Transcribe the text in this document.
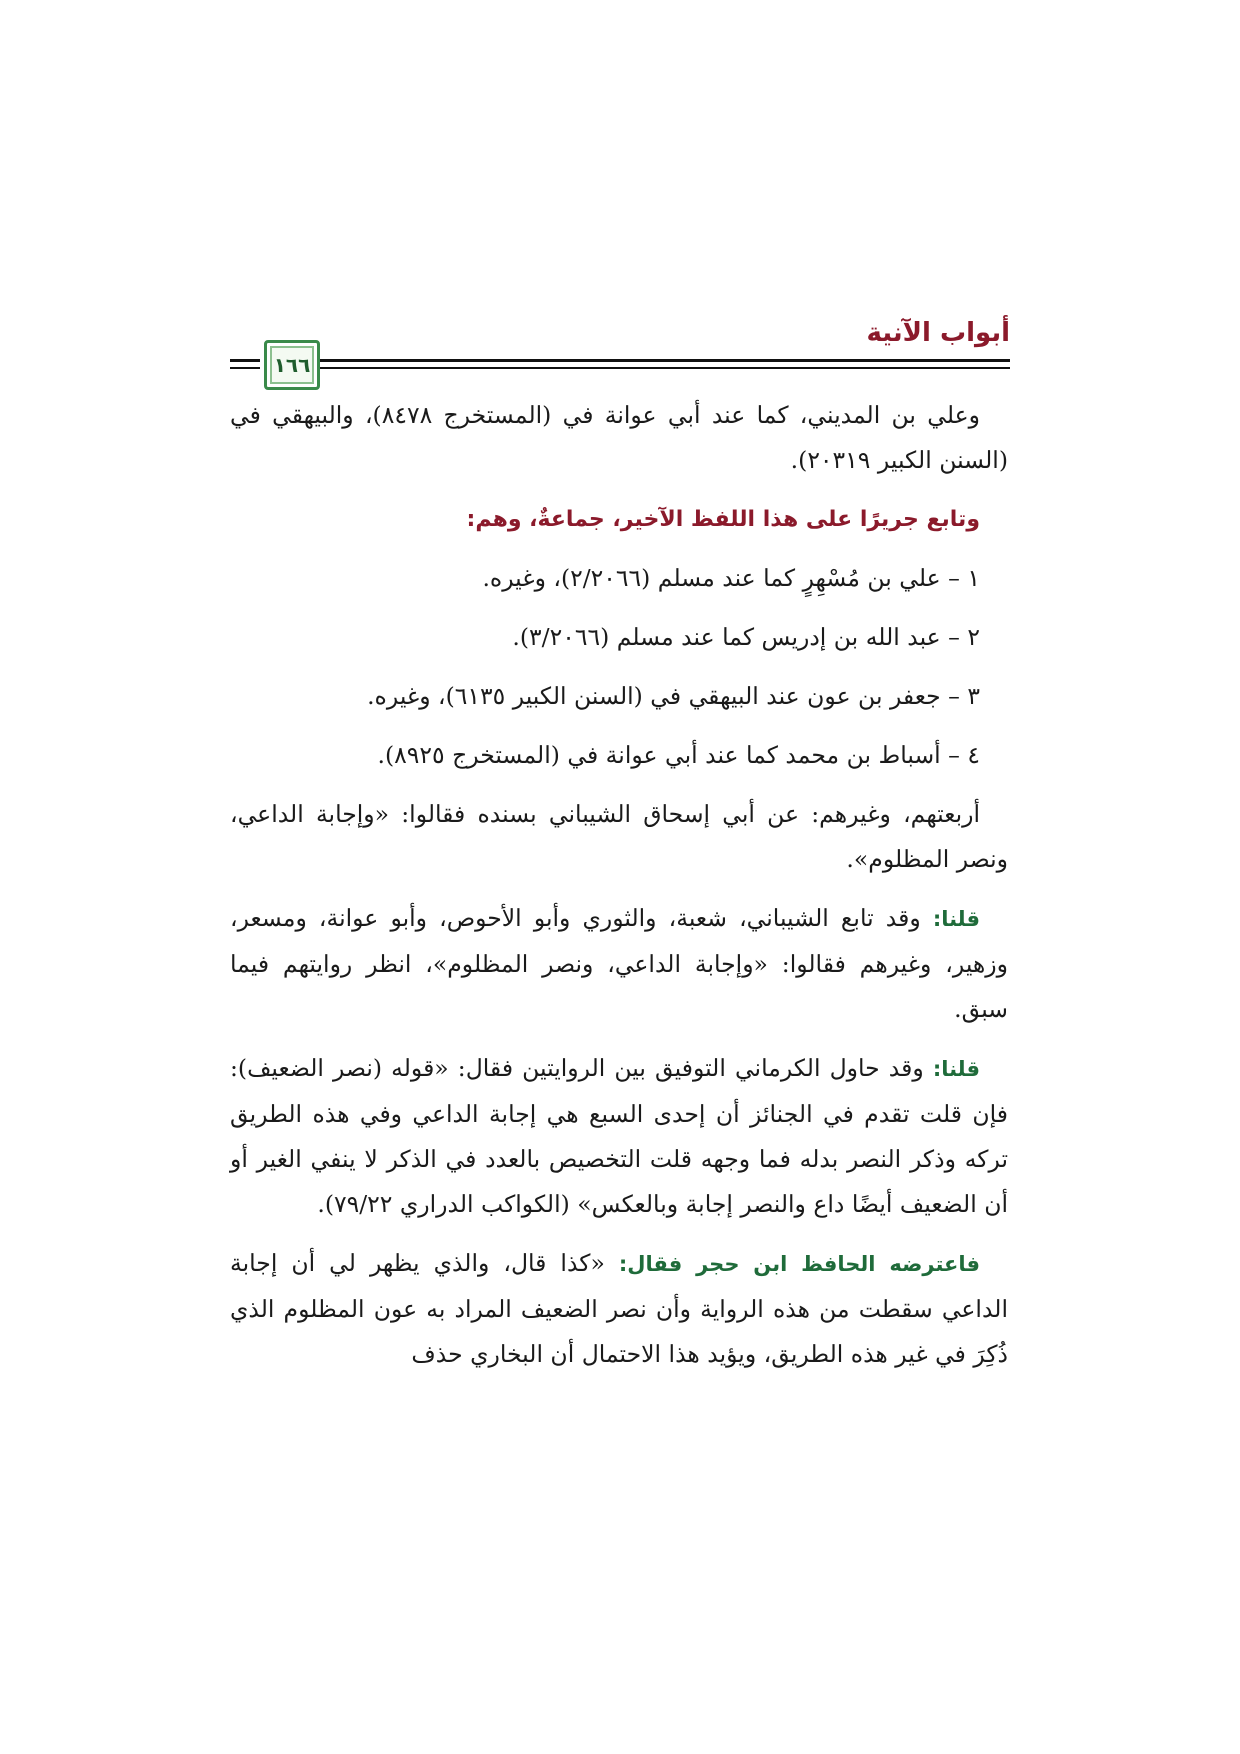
أبواب الآنية
١٦٦

وعلي بن المديني، كما عند أبي عوانة في (المستخرج ٨٤٧٨)، والبيهقي في (السنن الكبير ٢٠٣١٩).

وتابع جريرًا على هذا اللفظ الآخير، جماعةٌ، وهم:

١ – علي بن مُسْهِرٍ كما عند مسلم (٢/٢٠٦٦)، وغيره.

٢ – عبد الله بن إدريس كما عند مسلم (٣/٢٠٦٦).

٣ – جعفر بن عون عند البيهقي في (السنن الكبير ٦١٣٥)، وغيره.

٤ – أسباط بن محمد كما عند أبي عوانة في (المستخرج ٨٩٢٥).

أربعتهم، وغيرهم: عن أبي إسحاق الشيباني بسنده فقالوا: «وإجابة الداعي، ونصر المظلوم».

قلنا: وقد تابع الشيباني، شعبة، والثوري وأبو الأحوص، وأبو عوانة، ومسعر، وزهير، وغيرهم فقالوا: «وإجابة الداعي، ونصر المظلوم»، انظر روايتهم فيما سبق.

قلنا: وقد حاول الكرماني التوفيق بين الروايتين فقال: «قوله (نصر الضعيف): فإن قلت تقدم في الجنائز أن إحدى السبع هي إجابة الداعي وفي هذه الطريق تركه وذكر النصر بدله فما وجهه قلت التخصيص بالعدد في الذكر لا ينفي الغير أو أن الضعيف أيضًا داع والنصر إجابة وبالعكس» (الكواكب الدراري ٧٩/٢٢).

فاعترضه الحافظ ابن حجر فقال: «كذا قال، والذي يظهر لي أن إجابة الداعي سقطت من هذه الرواية وأن نصر الضعيف المراد به عون المظلوم الذي ذُكِرَ في غير هذه الطريق، ويؤيد هذا الاحتمال أن البخاري حذف
